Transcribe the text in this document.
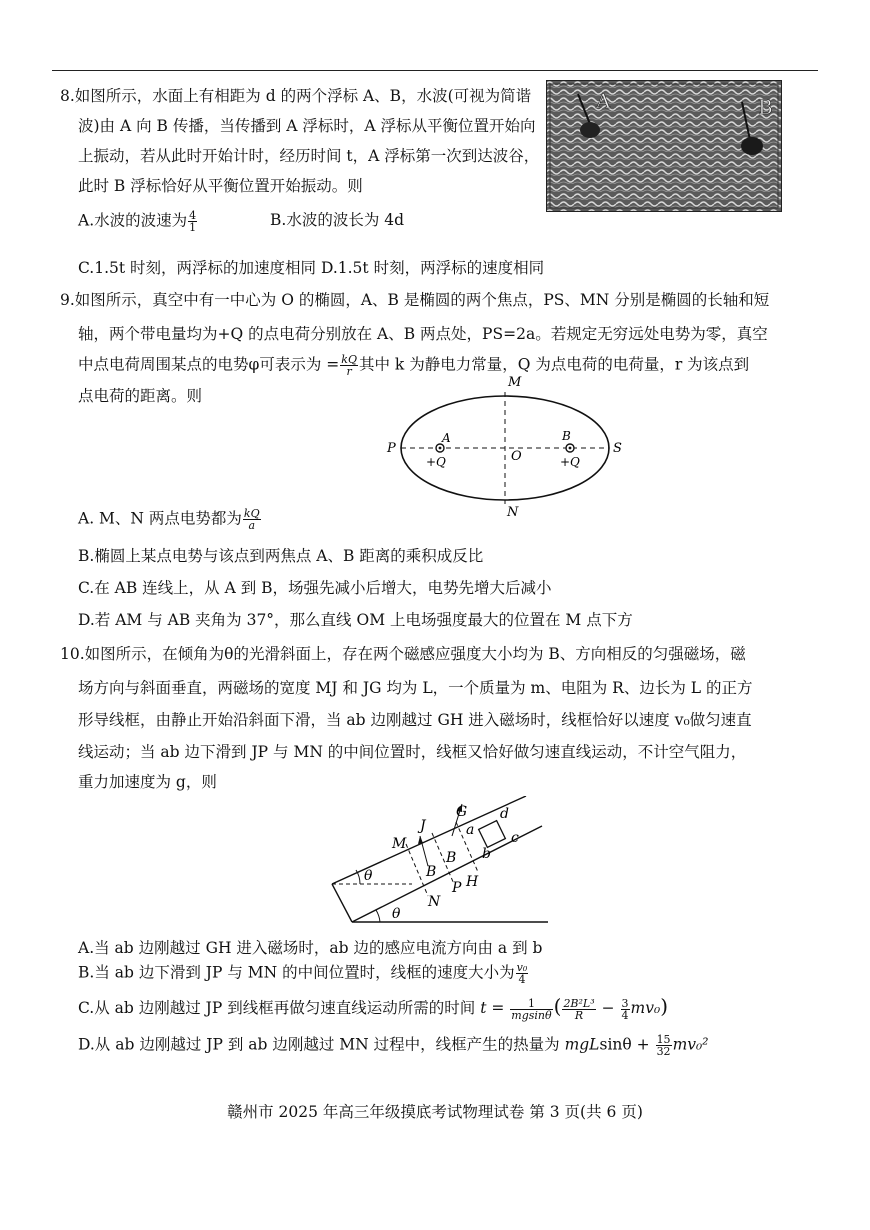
8.如图所示，水面上有相距为 d 的两个浮标 A、B，水波(可视为简谐
波)由 A 向 B 传播，当传播到 A 浮标时，A 浮标从平衡位置开始向
上振动，若从此时开始计时，经历时间 t，A 浮标第一次到达波谷，
此时 B 浮标恰好从平衡位置开始振动。则
A.水波的波速为 $\frac{4}{1}$	B.水波的波长为 4d
C.1.5t 时刻，两浮标的加速度相同 D.1.5t 时刻，两浮标的速度相同
A	B
9.如图所示，真空中有一中心为 O 的椭圆，A、B 是椭圆的两个焦点，PS、MN 分别是椭圆的长轴和短
轴，两个带电量均为+Q 的点电荷分别放在 A、B 两点处，PS=2a。若规定无穷远处电势为零，真空
中点电荷周围某点的电势φ可表示为 = $\frac{kQ}{r}$ 其中 k 为静电力常量，Q 为点电荷的电荷量，r 为该点到
点电荷的距离。则
M
N
P	S
O
A	B
+Q	+Q
A. M、N 两点电势都为 $\frac{kQ}{a}$
B.椭圆上某点电势与该点到两焦点 A、B 距离的乘积成反比
C.在 AB 连线上，从 A 到 B，场强先减小后增大，电势先增大后减小
D.若 AM 与 AB 夹角为 37°，那么直线 OM 上电场强度最大的位置在 M 点下方
10.如图所示，在倾角为θ的光滑斜面上，存在两个磁感应强度大小均为 B、方向相反的匀强磁场，磁
场方向与斜面垂直，两磁场的宽度 MJ 和 JG 均为 L，一个质量为 m、电阻为 R、边长为 L 的正方
形导线框，由静止开始沿斜面下滑，当 ab 边刚越过 GH 进入磁场时，线框恰好以速度 v₀做匀速直
线运动；当 ab 边下滑到 JP 与 MN 的中间位置时，线框又恰好做匀速直线运动，不计空气阻力，
重力加速度为 g，则
G
J
M
B
B
P H
N
a
d
b
c
θ
θ
A.当 ab 边刚越过 GH 进入磁场时，ab 边的感应电流方向由 a 到 b
B.当 ab 边下滑到 JP 与 MN 的中间位置时，线框的速度大小为 $\frac{\text{v₀}}{4}$
C.从 ab 边刚越过 JP 到线框再做匀速直线运动所需的时间 $t = \frac{1}{mgsin\theta}$ ( $\frac{\text{2B²L³}}{R} - \frac{3}{4} mv_0$)
D.从 ab 边刚越过 JP 到 ab 边刚越过 MN 过程中，线框产生的热量为 $mgLsin\theta + \frac{15}{32} mv_0^2$
赣州市 2025 年高三年级摸底考试物理试卷 第 3 页(共 6 页)
